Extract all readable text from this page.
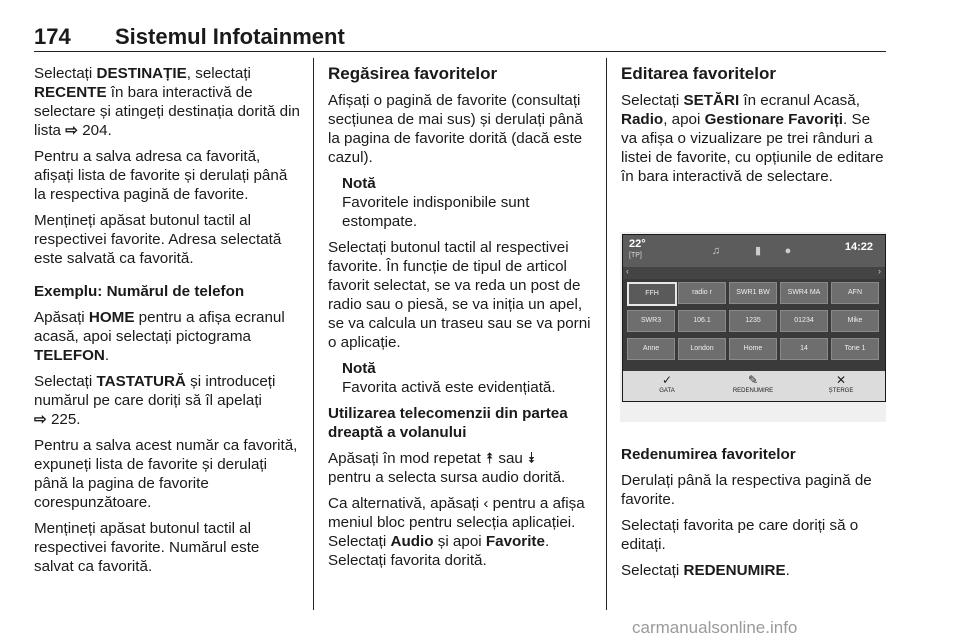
174 Sistemul Infotainment

Selectați DESTINAȚIE, selectați RECENTE în bara interactivă de selectare și atingeți destinația dorită din lista ⇨ 204.

Pentru a salva adresa ca favorită, afișați lista de favorite și derulați până la respectiva pagină de favorite.

Mențineți apăsat butonul tactil al respectivei favorite. Adresa selectată este salvată ca favorită.

Exemplu: Numărul de telefon

Apăsați HOME pentru a afișa ecranul acasă, apoi selectați pictograma TELEFON.

Selectați TASTATURĂ și introduceți numărul pe care doriți să îl apelați
⇨ 225.

Pentru a salva acest număr ca favorită, expuneți lista de favorite și derulați până la pagina de favorite corespunzătoare.

Mențineți apăsat butonul tactil al respectivei favorite. Numărul este salvat ca favorită.

Regăsirea favoritelor

Afișați o pagină de favorite (consultați secțiunea de mai sus) și derulați până la pagina de favorite dorită (dacă este cazul).

Notă
Favoritele indisponibile sunt estompate.

Selectați butonul tactil al respectivei favorite. În funcție de tipul de articol favorit selectat, se va reda un post de radio sau o piesă, se va iniția un apel, se va calcula un traseu sau se va porni o aplicație.

Notă
Favorita activă este evidențiată.

Utilizarea telecomenzii din partea dreaptă a volanului

Apăsați în mod repetat ⯭ sau ⯯
pentru a selecta sursa audio dorită.

Ca alternativă, apăsați ‹ pentru a afișa meniul bloc pentru selecția aplicației. Selectați Audio și apoi Favorite. Selectați favorita dorită.

Editarea favoritelor

Selectați SETĂRI în ecranul Acasă, Radio, apoi Gestionare Favoriți. Se va afișa o vizualizare pe trei rânduri a listei de favorite, cu opțiunile de editare în bara interactivă de selectare.

22°
[TP]	♫	▮	●	14:22
‹	›
FFH	radio r	SWR1 BW	SWR4 MA	AFN
SWR3	106.1	1235	01234	Mike
Anne	London	Home	14	Tone 1
✓
GATA
✎
REDENUMIRE
✕
ȘTERGE

Redenumirea favoritelor

Derulați până la respectiva pagină de favorite.

Selectați favorita pe care doriți să o editați.

Selectați REDENUMIRE.

carmanualsonline.info
